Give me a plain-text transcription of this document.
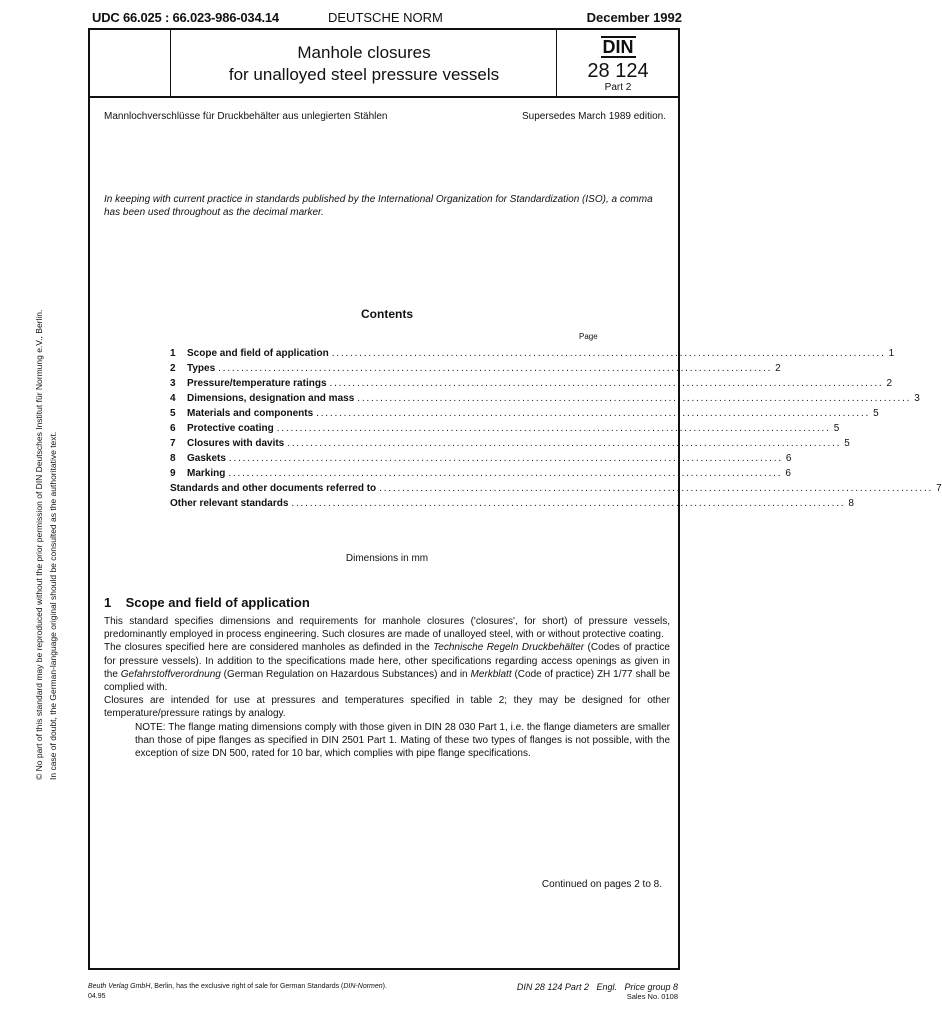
UDC 66.025 : 66.023-986-034.14	DEUTSCHE NORM	December 1992
Manhole closures
for unalloyed steel pressure vessels
DIN
28 124
Part 2
Mannlochverschlüsse für Druckbehälter aus unlegierten Stählen	Supersedes March 1989 edition.
In keeping with current practice in standards published by the International Organization for Standardization (ISO), a comma has been used throughout as the decimal marker.
© No part of this standard may be reproduced without the prior permission of DIN Deutsches Institut für Normung e.V., Berlin. In case of doubt, the German-language original should be consulted as the authoritative text.
Contents
Page
1	Scope and field of application ......................................................................................................................... 1
2	Types ......................................................................................................................... 2
3	Pressure/temperature ratings ......................................................................................................................... 2
4	Dimensions, designation and mass ......................................................................................................................... 3
5	Materials and components ......................................................................................................................... 5
6	Protective coating ......................................................................................................................... 5
7	Closures with davits ......................................................................................................................... 5
8	Gaskets ......................................................................................................................... 6
9	Marking ......................................................................................................................... 6
Standards and other documents referred to ......................................................................................................................... 7
Other relevant standards ......................................................................................................................... 8
Dimensions in mm
1 Scope and field of application

This standard specifies dimensions and requirements for manhole closures ('closures', for short) of pressure vessels, predominantly employed in process engineering. Such closures are made of unalloyed steel, with or without protective coating.

The closures specified here are considered manholes as definded in the Technische Regeln Druckbehälter (Codes of practice for pressure vessels). In addition to the specifications made here, other specifications regarding access openings as given in the Gefahrstoffverordnung (German Regulation on Hazardous Substances) and in Merkblatt (Code of practice) ZH 1/77 shall be complied with.

Closures are intended for use at pressures and temperatures specified in table 2; they may be designed for other temperature/pressure ratings by analogy.

NOTE: The flange mating dimensions comply with those given in DIN 28 030 Part 1, i.e. the flange diameters are smaller than those of pipe flanges as specified in DIN 2501 Part 1. Mating of these two types of flanges is not possible, with the exception of size DN 500, rated for 10 bar, which complies with pipe flange specifications.

Continued on pages 2 to 8.
Beuth Verlag GmbH, Berlin, has the exclusive right of sale for German Standards (DIN-Normen).
04.95
DIN 28 124 Part 2   Engl.   Price group 8
Sales No. 0108
